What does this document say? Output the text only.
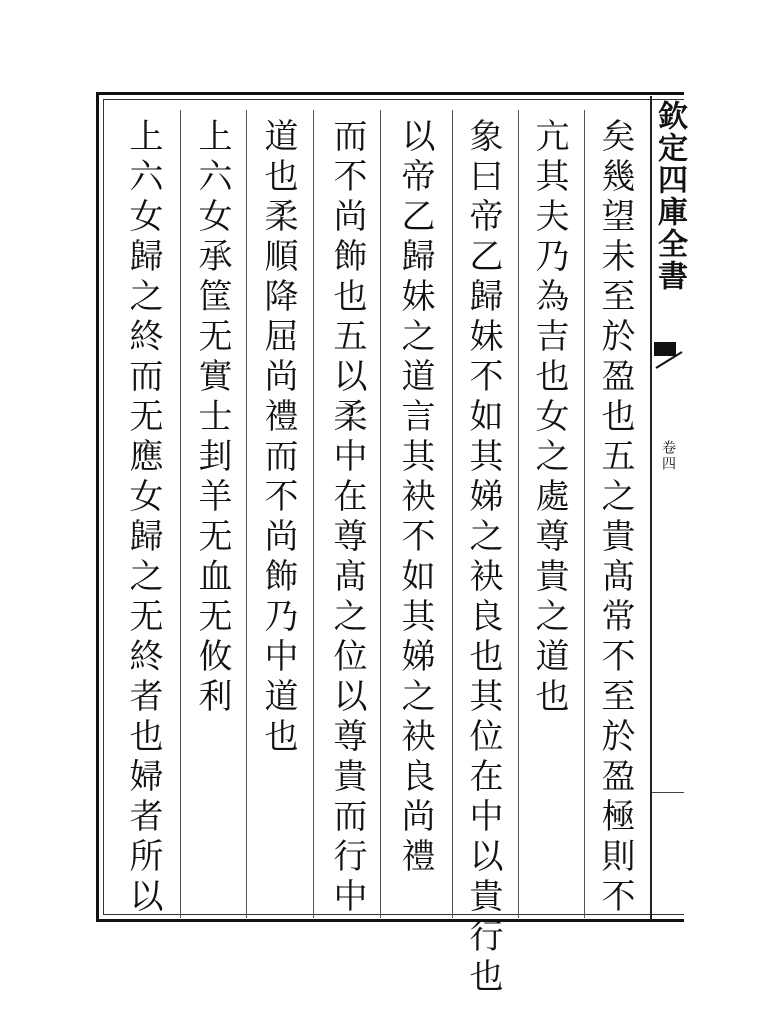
矣幾望未至於盈也五之貴髙常不至於盈極則不
亢其夫乃為吉也女之處尊貴之道也
象曰帝乙歸妹不如其娣之袂良也其位在中以貴行也
以帝乙歸妹之道言其袂不如其娣之袂良尚禮
而不尚飾也五以柔中在尊髙之位以尊貴而行中
道也柔順降屈尚禮而不尚飾乃中道也
上六女承筐无實士刲羊无血无攸利
上六女歸之終而无應女歸之无終者也婦者所以	欽定四庫全書
卷四
